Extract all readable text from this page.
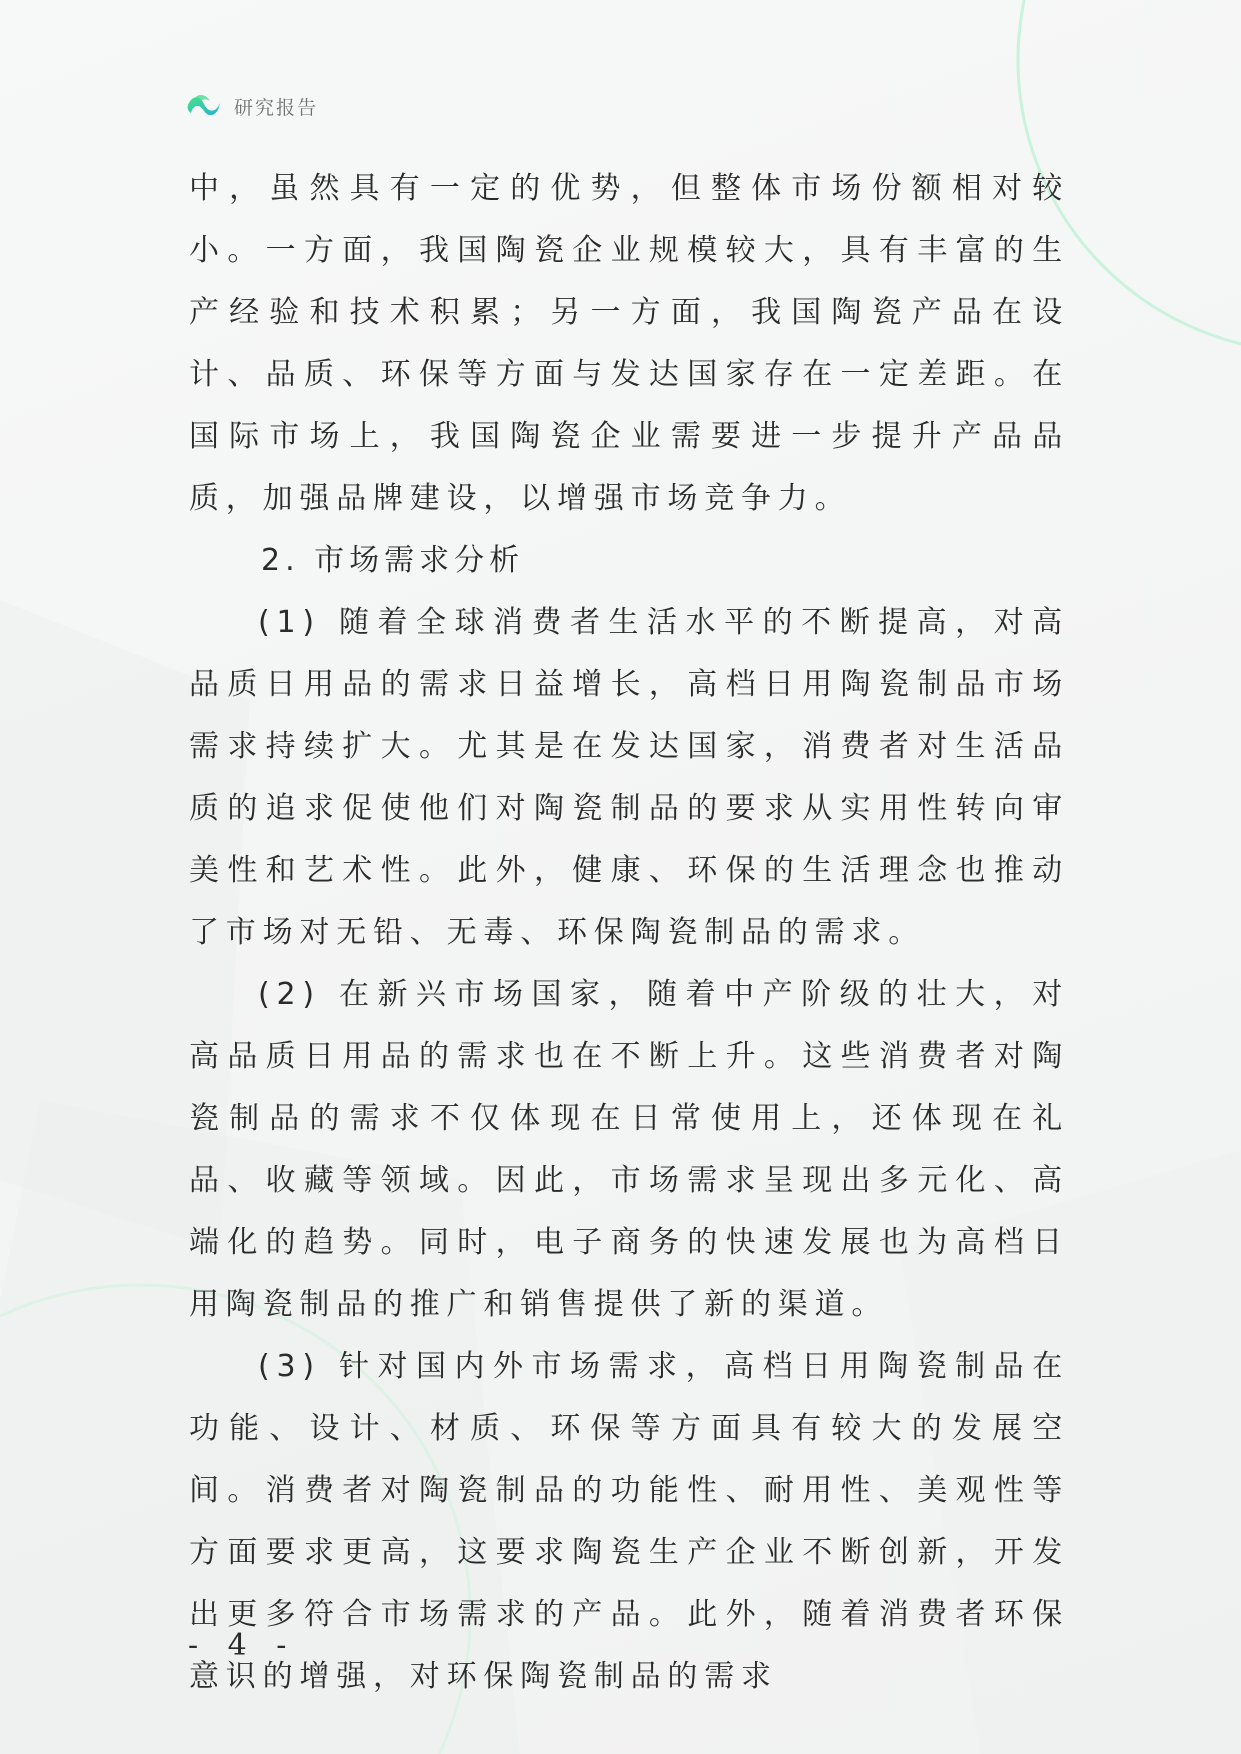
研究报告

中，虽然具有一定的优势，但整体市场份额相对较小。一方面，我国陶瓷企业规模较大，具有丰富的生产经验和技术积累；另一方面，我国陶瓷产品在设计、品质、环保等方面与发达国家存在一定差距。在国际市场上，我国陶瓷企业需要进一步提升产品品质，加强品牌建设，以增强市场竞争力。

2. 市场需求分析

(1) 随着全球消费者生活水平的不断提高，对高品质日用品的需求日益增长，高档日用陶瓷制品市场需求持续扩大。尤其是在发达国家，消费者对生活品质的追求促使他们对陶瓷制品的要求从实用性转向审美性和艺术性。此外，健康、环保的生活理念也推动了市场对无铅、无毒、环保陶瓷制品的需求。

(2) 在新兴市场国家，随着中产阶级的壮大，对高品质日用品的需求也在不断上升。这些消费者对陶瓷制品的需求不仅体现在日常使用上，还体现在礼品、收藏等领域。因此，市场需求呈现出多元化、高端化的趋势。同时，电子商务的快速发展也为高档日用陶瓷制品的推广和销售提供了新的渠道。

(3) 针对国内外市场需求，高档日用陶瓷制品在功能、设计、材质、环保等方面具有较大的发展空间。消费者对陶瓷制品的功能性、耐用性、美观性等方面要求更高，这要求陶瓷生产企业不断创新，开发出更多符合市场需求的产品。此外，随着消费者环保意识的增强，对环保陶瓷制品的需求

- 4 -
